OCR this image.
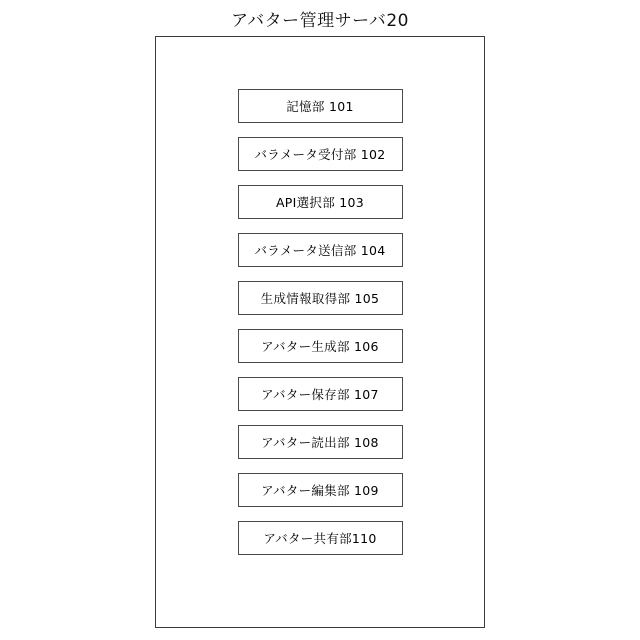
アバター管理サーバ20
記憶部 101
バラメータ受付部 102
API選択部 103
バラメータ送信部 104
生成情報取得部 105
アバター生成部 106
アバター保存部 107
アバター読出部 108
アバター編集部 109
アバター共有部110
